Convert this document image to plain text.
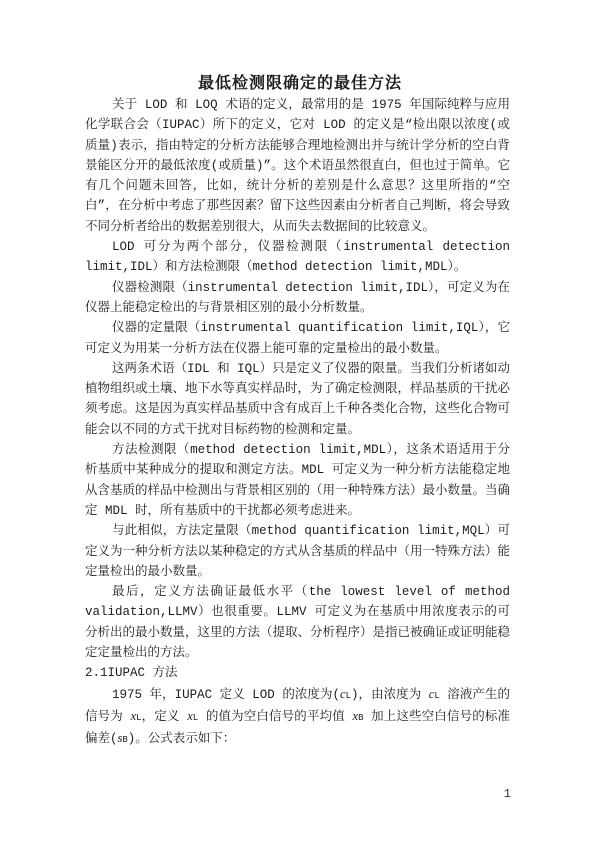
最低检测限确定的最佳方法

关于 LOD 和 LOQ 术语的定义，最常用的是 1975 年国际纯粹与应用化学联合会（IUPAC）所下的定义，它对 LOD 的定义是“检出限以浓度(或质量)表示，指由特定的分析方法能够合理地检测出并与统计学分析的空白背景能区分开的最低浓度(或质量)”。这个术语虽然很直白，但也过于简单。它有几个问题未回答，比如，统计分析的差别是什么意思？这里所指的“空白”，在分析中考虑了那些因素？留下这些因素由分析者自己判断，将会导致不同分析者给出的数据差别很大，从而失去数据间的比较意义。

LOD 可分为两个部分，仪器检测限（instrumental detection limit,IDL）和方法检测限（method detection limit,MDL）。

仪器检测限（instrumental detection limit,IDL），可定义为在仪器上能稳定检出的与背景相区别的最小分析数量。

仪器的定量限（instrumental quantification limit,IQL），它可定义为用某一分析方法在仪器上能可靠的定量检出的最小数量。

这两条术语（IDL 和 IQL）只是定义了仪器的限量。当我们分析诸如动植物组织或土壤、地下水等真实样品时，为了确定检测限，样品基质的干扰必须考虑。这是因为真实样品基质中含有成百上千种各类化合物，这些化合物可能会以不同的方式干扰对目标药物的检测和定量。

方法检测限（method detection limit,MDL），这条术语适用于分析基质中某种成分的提取和测定方法。MDL 可定义为一种分析方法能稳定地从含基质的样品中检测出与背景相区别的（用一种特殊方法）最小数量。当确定 MDL 时，所有基质中的干扰都必须考虑进来。

与此相似，方法定量限（method quantification limit,MQL）可定义为一种分析方法以某种稳定的方式从含基质的样品中（用一特殊方法）能定量检出的最小数量。

最后，定义方法确证最低水平（the lowest level of method validation,LLMV）也很重要。LLMV 可定义为在基质中用浓度表示的可分析出的最小数量，这里的方法（提取、分析程序）是指已被确证或证明能稳定定量检出的方法。

2.1IUPAC 方法

1975 年，IUPAC 定义 LOD 的浓度为(cL)，由浓度为 cL 溶液产生的信号为 xL，定义 xL 的值为空白信号的平均值 xB 加上这些空白信号的标准偏差(sB)。公式表示如下：

1
